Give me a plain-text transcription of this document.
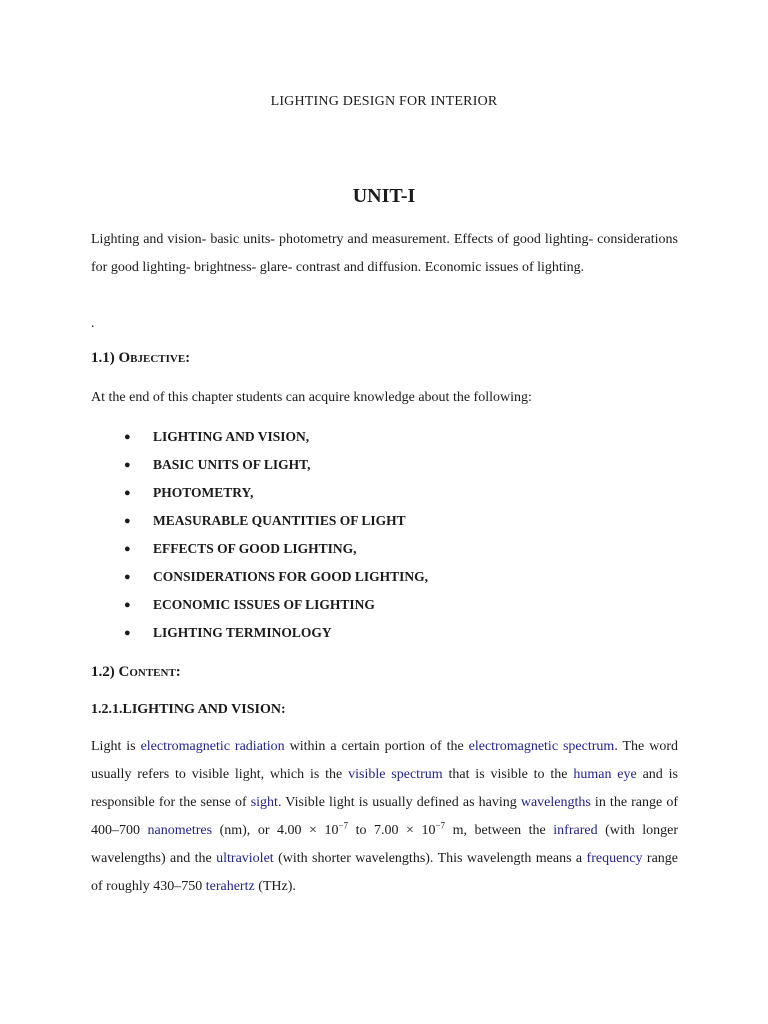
LIGHTING DESIGN FOR INTERIOR
UNIT-I

Lighting and vision- basic units- photometry and measurement. Effects of good lighting- considerations for good lighting- brightness- glare- contrast and diffusion. Economic issues of lighting.

.
1.1) Objective:

At the end of this chapter students can acquire knowledge about the following:

● LIGHTING AND VISION,
● BASIC UNITS OF LIGHT,
● PHOTOMETRY,
● MEASURABLE QUANTITIES OF LIGHT
● EFFECTS OF GOOD LIGHTING,
● CONSIDERATIONS FOR GOOD LIGHTING,
● ECONOMIC ISSUES OF LIGHTING
● LIGHTING TERMINOLOGY
1.2) Content:
1.2.1.LIGHTING AND VISION:

Light is electromagnetic radiation within a certain portion of the electromagnetic spectrum. The word usually refers to visible light, which is the visible spectrum that is visible to the human eye and is responsible for the sense of sight. Visible light is usually defined as having wavelengths in the range of 400–700 nanometres (nm), or $4.00 \times 10^{-7}$ to $7.00 \times 10^{-7}$ m, between the infrared (with longer wavelengths) and the ultraviolet (with shorter wavelengths). This wavelength means a frequency range of roughly 430–750 terahertz (THz).
